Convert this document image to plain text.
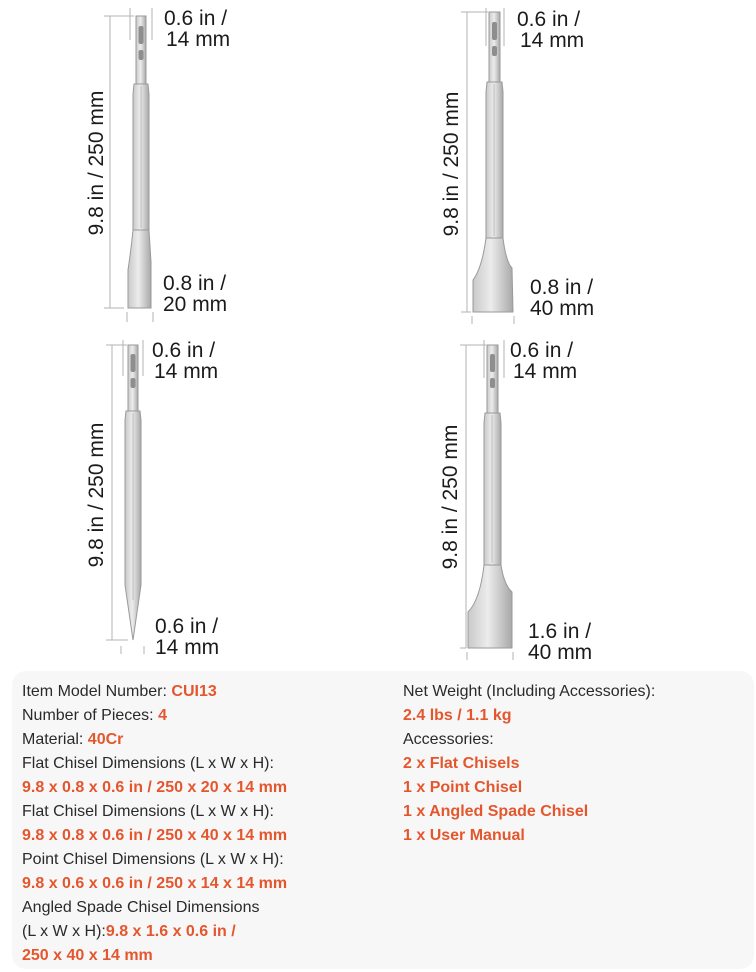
0.6 in /
14 mm
9.8 in / 250 mm
0.8 in /
20 mm
0.6 in /
14 mm
9.8 in / 250 mm
0.8 in /
40 mm
0.6 in /
14 mm
9.8 in / 250 mm
0.6 in /
14 mm
0.6 in /
14 mm
9.8 in / 250 mm
1.6 in /
40 mm
Item Model Number: CUI13
Number of Pieces: 4
Material: 40Cr
Flat Chisel Dimensions (L x W x H):
9.8 x 0.8 x 0.6 in / 250 x 20 x 14 mm
Flat Chisel Dimensions (L x W x H):
9.8 x 0.8 x 0.6 in / 250 x 40 x 14 mm
Point Chisel Dimensions (L x W x H):
9.8 x 0.6 x 0.6 in / 250 x 14 x 14 mm
Angled Spade Chisel Dimensions
(L x W x H):9.8 x 1.6 x 0.6 in /
250 x 40 x 14 mm
Net Weight (Including Accessories):
2.4 lbs / 1.1 kg
Accessories:
2 x Flat Chisels
1 x Point Chisel
1 x Angled Spade Chisel
1 x User Manual
